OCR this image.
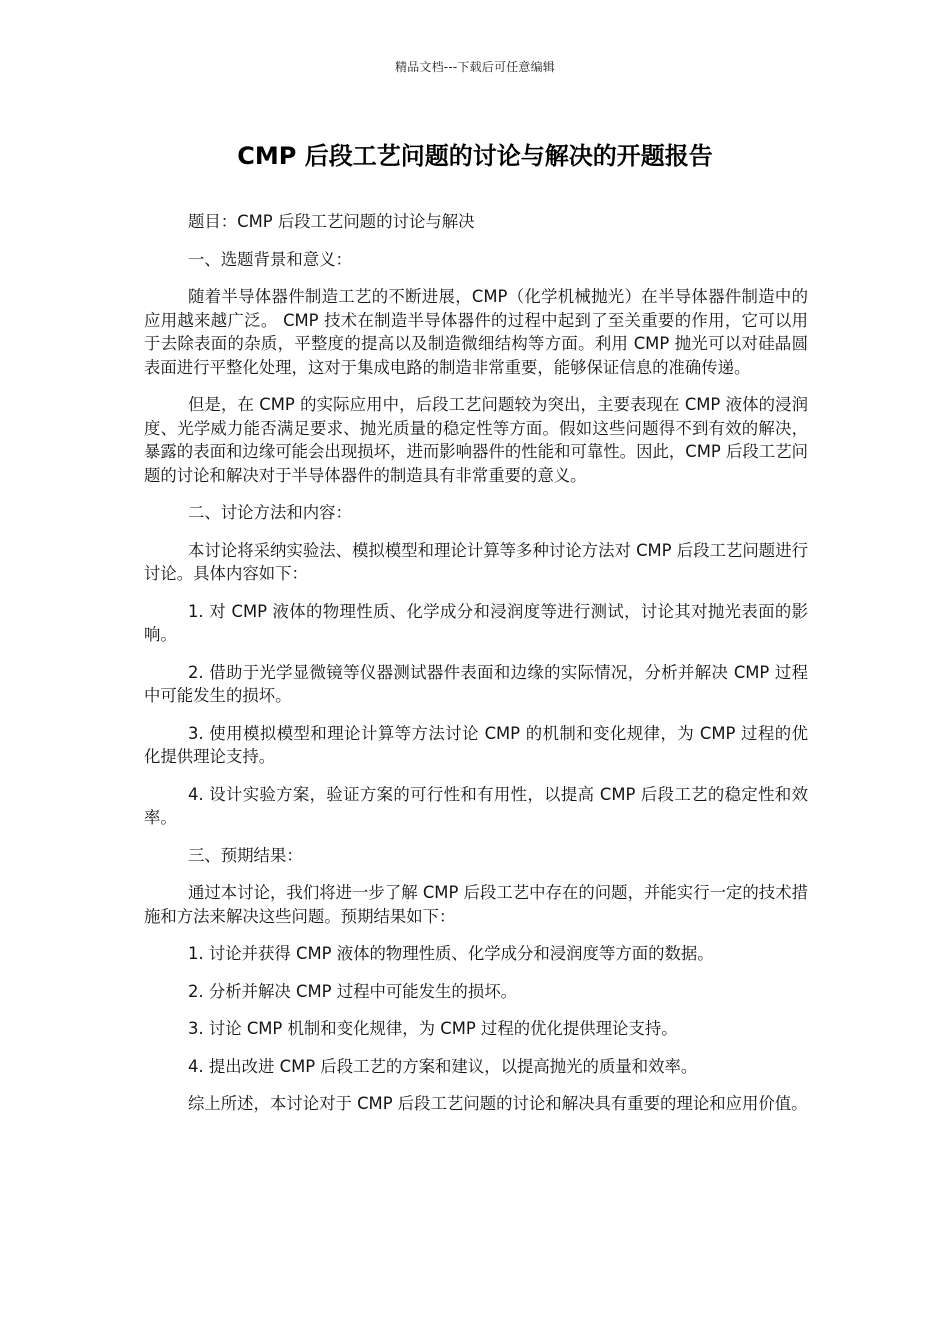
精品文档---下载后可任意编辑
CMP 后段工艺问题的讨论与解决的开题报告

题目：CMP 后段工艺问题的讨论与解决

一、选题背景和意义：

随着半导体器件制造工艺的不断进展，CMP（化学机械抛光）在半导体器件制造中的应用越来越广泛。 CMP 技术在制造半导体器件的过程中起到了至关重要的作用，它可以用于去除表面的杂质，平整度的提高以及制造微细结构等方面。利用 CMP 抛光可以对硅晶圆表面进行平整化处理，这对于集成电路的制造非常重要，能够保证信息的准确传递。

但是，在 CMP 的实际应用中，后段工艺问题较为突出，主要表现在 CMP 液体的浸润度、光学威力能否满足要求、抛光质量的稳定性等方面。假如这些问题得不到有效的解决，暴露的表面和边缘可能会出现损坏，进而影响器件的性能和可靠性。因此，CMP 后段工艺问题的讨论和解决对于半导体器件的制造具有非常重要的意义。

二、讨论方法和内容：

本讨论将采纳实验法、模拟模型和理论计算等多种讨论方法对 CMP 后段工艺问题进行讨论。具体内容如下：

1. 对 CMP 液体的物理性质、化学成分和浸润度等进行测试，讨论其对抛光表面的影响。

2. 借助于光学显微镜等仪器测试器件表面和边缘的实际情况，分析并解决 CMP 过程中可能发生的损坏。

3. 使用模拟模型和理论计算等方法讨论 CMP 的机制和变化规律，为 CMP 过程的优化提供理论支持。

4. 设计实验方案，验证方案的可行性和有用性，以提高 CMP 后段工艺的稳定性和效率。

三、预期结果：

通过本讨论，我们将进一步了解 CMP 后段工艺中存在的问题，并能实行一定的技术措施和方法来解决这些问题。预期结果如下：

1. 讨论并获得 CMP 液体的物理性质、化学成分和浸润度等方面的数据。

2. 分析并解决 CMP 过程中可能发生的损坏。

3. 讨论 CMP 机制和变化规律，为 CMP 过程的优化提供理论支持。

4. 提出改进 CMP 后段工艺的方案和建议，以提高抛光的质量和效率。

综上所述，本讨论对于 CMP 后段工艺问题的讨论和解决具有重要的理论和应用价值。
